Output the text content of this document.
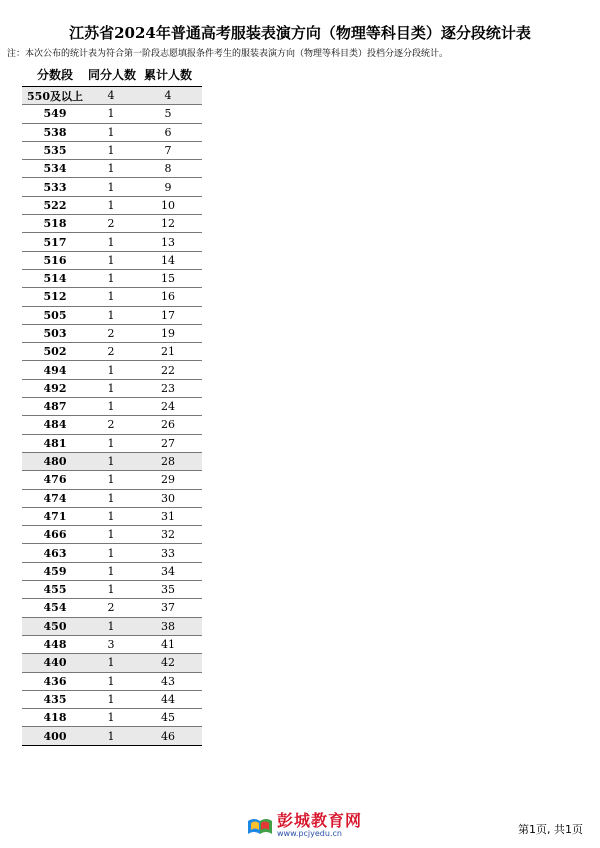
江苏省2024年普通高考服装表演方向（物理等科目类）逐分段统计表
注：本次公布的统计表为符合第一阶段志愿填报条件考生的服装表演方向（物理等科目类）投档分逐分段统计。
分数段	同分人数	累计人数
550及以上	4	4
549	1	5
538	1	6
535	1	7
534	1	8
533	1	9
522	1	10
518	2	12
517	1	13
516	1	14
514	1	15
512	1	16
505	1	17
503	2	19
502	2	21
494	1	22
492	1	23
487	1	24
484	2	26
481	1	27
480	1	28
476	1	29
474	1	30
471	1	31
466	1	32
463	1	33
459	1	34
455	1	35
454	2	37
450	1	38
448	3	41
440	1	42
436	1	43
435	1	44
418	1	45
400	1	46
彭城教育网
www.pcjyedu.cn	第1页, 共1页
